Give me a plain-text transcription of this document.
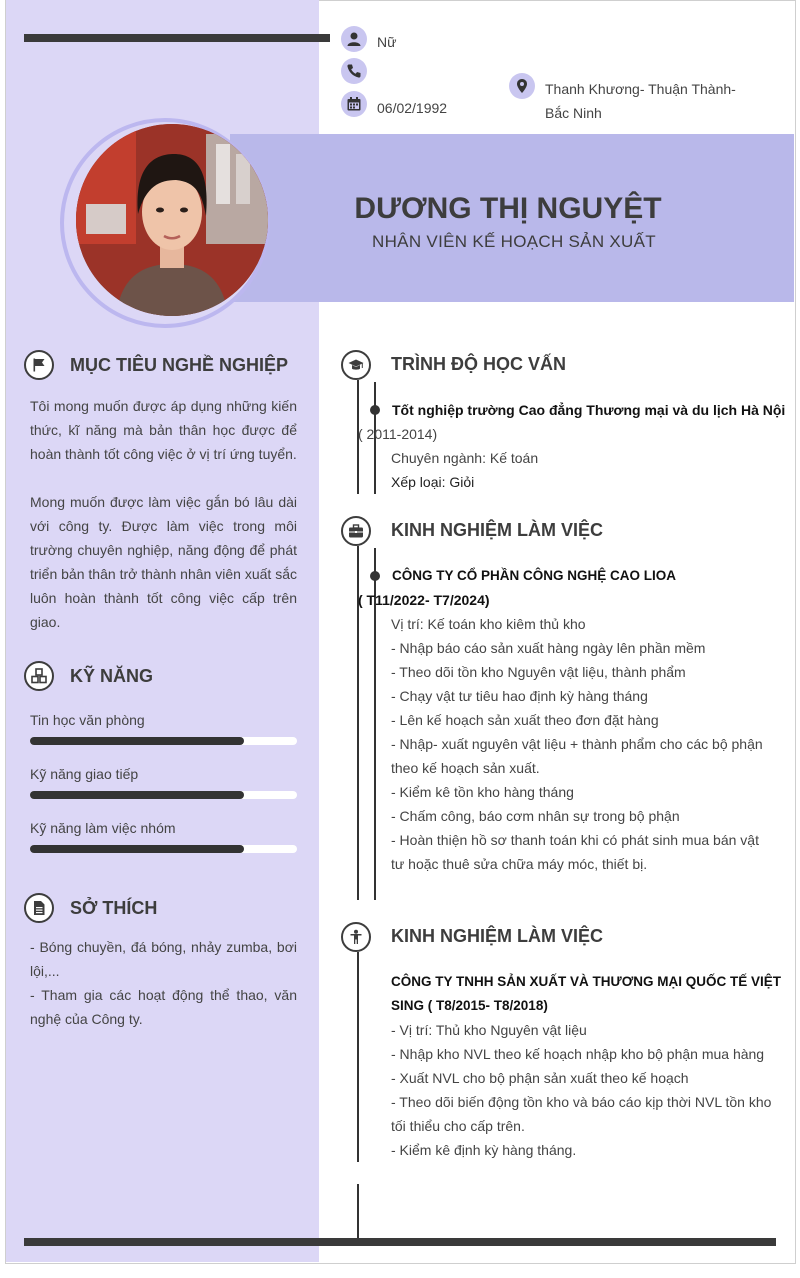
Nữ
06/02/1992
Thanh Khương- Thuận Thành-
Bắc Ninh
DƯƠNG THỊ NGUYỆT
NHÂN VIÊN KẾ HOẠCH SẢN XUẤT
MỤC TIÊU NGHỀ NGHIỆP
Tôi mong muốn được áp dụng những kiến thức, kĩ năng mà bản thân học được để hoàn thành tốt công việc ở vị trí ứng tuyển.
Mong muốn được làm việc gắn bó lâu dài với công ty. Được làm việc trong môi trường chuyên nghiệp, năng động để phát triển bản thân trở thành nhân viên xuất sắc luôn hoàn thành tốt công việc cấp trên giao.
KỸ NĂNG
Tin học văn phòng
Kỹ năng giao tiếp
Kỹ năng làm việc nhóm
SỞ THÍCH
- Bóng chuyền, đá bóng, nhảy zumba, bơi lội,...
- Tham gia các hoạt động thể thao, văn nghệ của Công ty.
TRÌNH ĐỘ HỌC VẤN
Tốt nghiệp trường Cao đẳng Thương mại và du lịch Hà Nội
( 2011-2014)
Chuyên ngành: Kế toán
Xếp loại: Giỏi
KINH NGHIỆM LÀM VIỆC
CÔNG TY CỔ PHẦN CÔNG NGHỆ CAO LIOA
( T11/2022- T7/2024)
Vị trí: Kế toán kho kiêm thủ kho
- Nhập báo cáo sản xuất hàng ngày lên phần mềm
- Theo dõi tồn kho Nguyên vật liệu, thành phẩm
- Chạy vật tư tiêu hao định kỳ hàng tháng
- Lên kế hoạch sản xuất theo đơn đặt hàng
- Nhập- xuất nguyên vật liệu + thành phẩm cho các bộ phận
theo kế hoạch sản xuất.
- Kiểm kê tồn kho hàng tháng
- Chấm công, báo cơm nhân sự trong bộ phận
- Hoàn thiện hồ sơ thanh toán khi có phát sinh mua bán vật
tư hoặc thuê sửa chữa máy móc, thiết bị.
KINH NGHIỆM LÀM VIỆC
CÔNG TY TNHH SẢN XUẤT VÀ THƯƠNG MẠI QUỐC TẾ VIỆT
SING ( T8/2015- T8/2018)
- Vị trí: Thủ kho Nguyên vật liệu
- Nhập kho NVL theo kế hoạch nhập kho bộ phận mua hàng
- Xuất NVL cho bộ phận sản xuất theo kế hoạch
- Theo dõi biến động tồn kho và báo cáo kịp thời NVL tồn kho
tối thiểu cho cấp trên.
- Kiểm kê định kỳ hàng tháng.
